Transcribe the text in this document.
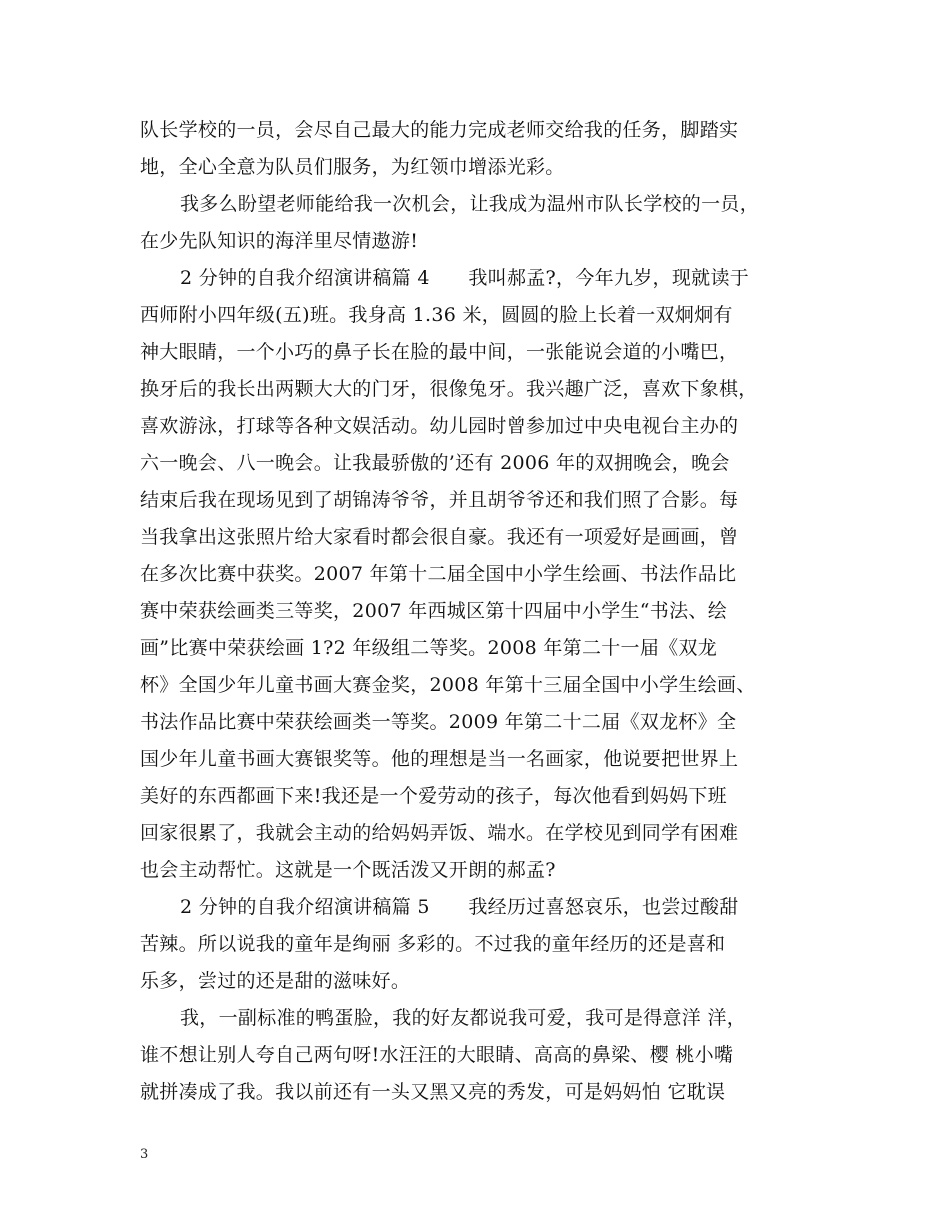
队长学校的一员，会尽自己最大的能力完成老师交给我的任务，脚踏实
地，全心全意为队员们服务，为红领巾增添光彩。
我多么盼望老师能给我一次机会，让我成为温州市队长学校的一员，
在少先队知识的海洋里尽情遨游!
2 分钟的自我介绍演讲稿篇 4　　我叫郝孟?，今年九岁，现就读于
西师附小四年级(五)班。我身高 1.36 米，圆圆的脸上长着一双炯炯有
神大眼睛，一个小巧的鼻子长在脸的最中间，一张能说会道的小嘴巴，
换牙后的我长出两颗大大的门牙，很像兔牙。我兴趣广泛，喜欢下象棋，
喜欢游泳，打球等各种文娱活动。幼儿园时曾参加过中央电视台主办的
六一晚会、八一晚会。让我最骄傲的’还有 2006 年的双拥晚会，晚会
结束后我在现场见到了胡锦涛爷爷，并且胡爷爷还和我们照了合影。每
当我拿出这张照片给大家看时都会很自豪。我还有一项爱好是画画，曾
在多次比赛中获奖。2007 年第十二届全国中小学生绘画、书法作品比
赛中荣获绘画类三等奖，2007 年西城区第十四届中小学生“书法、绘
画”比赛中荣获绘画 1?2 年级组二等奖。2008 年第二十一届《双龙
杯》全国少年儿童书画大赛金奖，2008 年第十三届全国中小学生绘画、
书法作品比赛中荣获绘画类一等奖。2009 年第二十二届《双龙杯》全
国少年儿童书画大赛银奖等。他的理想是当一名画家，他说要把世界上
美好的东西都画下来!我还是一个爱劳动的孩子，每次他看到妈妈下班
回家很累了，我就会主动的给妈妈弄饭、端水。在学校见到同学有困难
也会主动帮忙。这就是一个既活泼又开朗的郝孟?
2 分钟的自我介绍演讲稿篇 5　　我经历过喜怒哀乐，也尝过酸甜
苦辣。所以说我的童年是绚丽 多彩的。不过我的童年经历的还是喜和
乐多，尝过的还是甜的滋味好。
我，一副标准的鸭蛋脸，我的好友都说我可爱，我可是得意洋 洋，
谁不想让别人夸自己两句呀!水汪汪的大眼睛、高高的鼻梁、樱 桃小嘴
就拼凑成了我。我以前还有一头又黑又亮的秀发，可是妈妈怕 它耽误
3
